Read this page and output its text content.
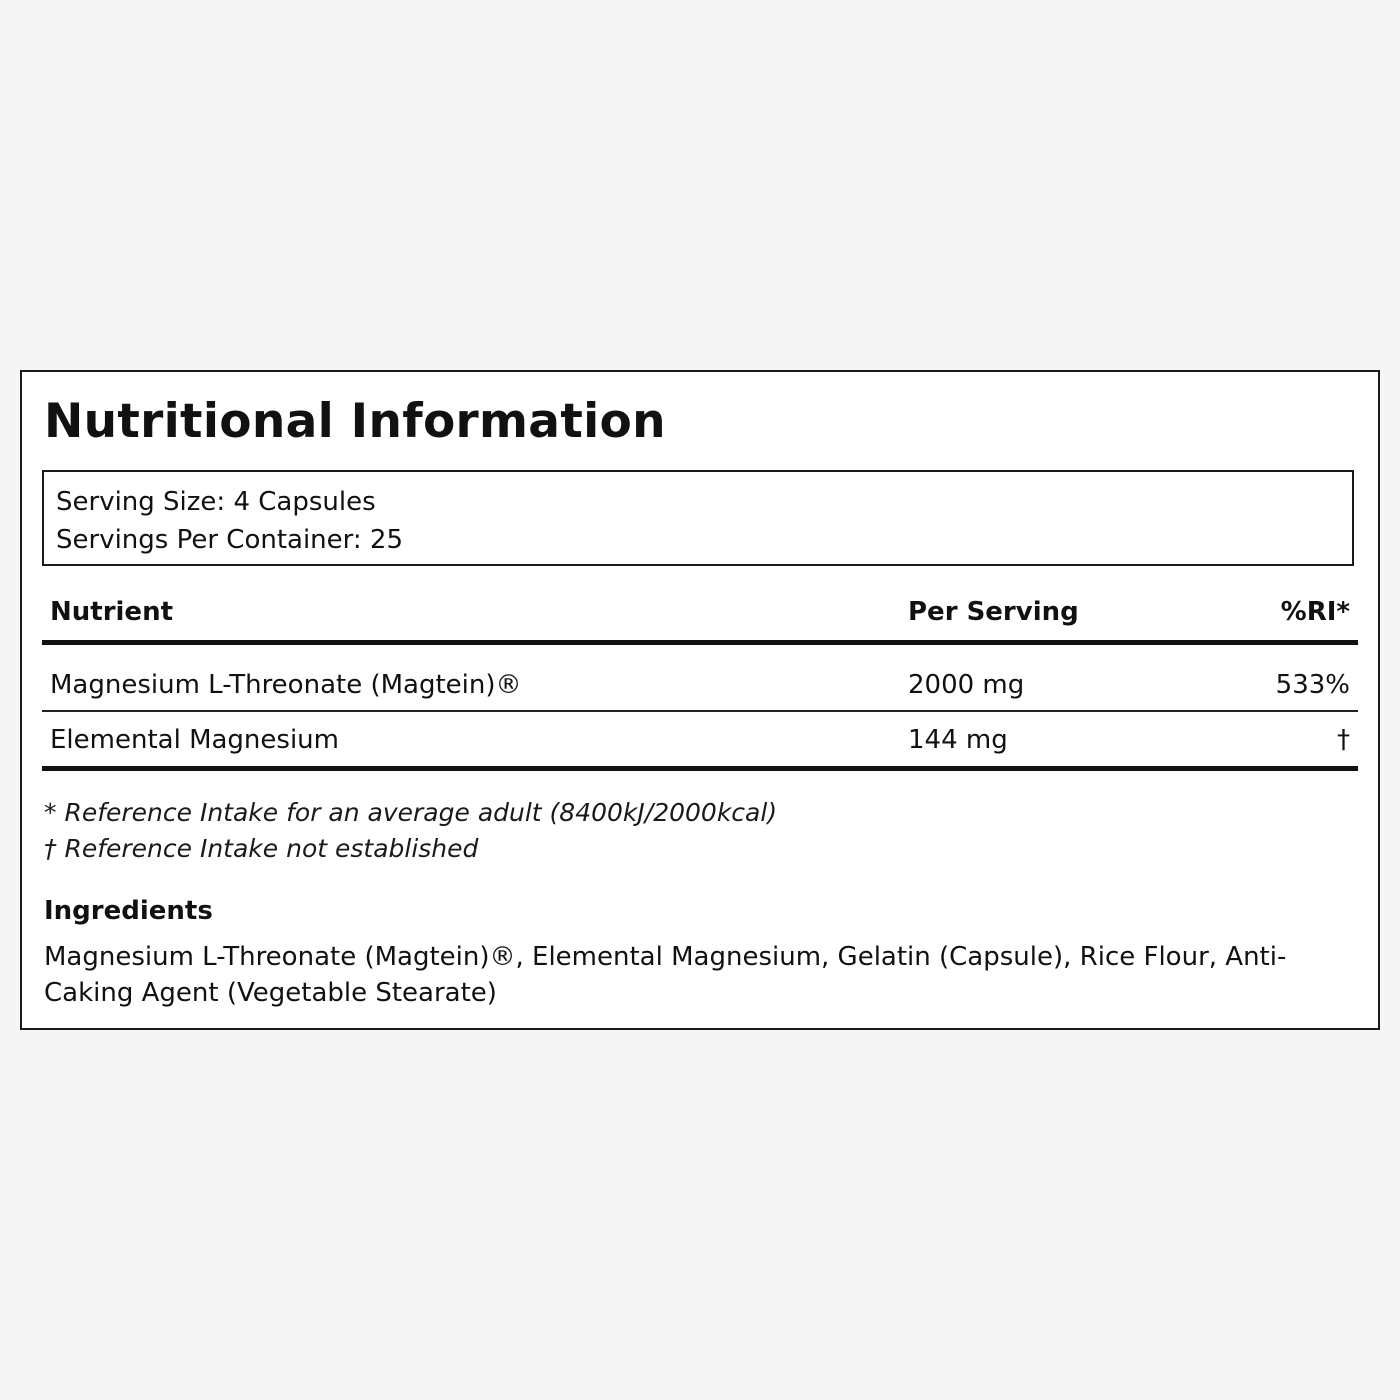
Nutritional Information
Serving Size: 4 Capsules
Servings Per Container: 25
Nutrient	Per Serving	%RI*
Magnesium L-Threonate (Magtein)®	2000 mg	533%
Elemental Magnesium	144 mg	†
* Reference Intake for an average adult (8400kJ/2000kcal)
† Reference Intake not established
Ingredients
Magnesium L-Threonate (Magtein)®, Elemental Magnesium, Gelatin (Capsule), Rice Flour, Anti-Caking Agent (Vegetable Stearate)
